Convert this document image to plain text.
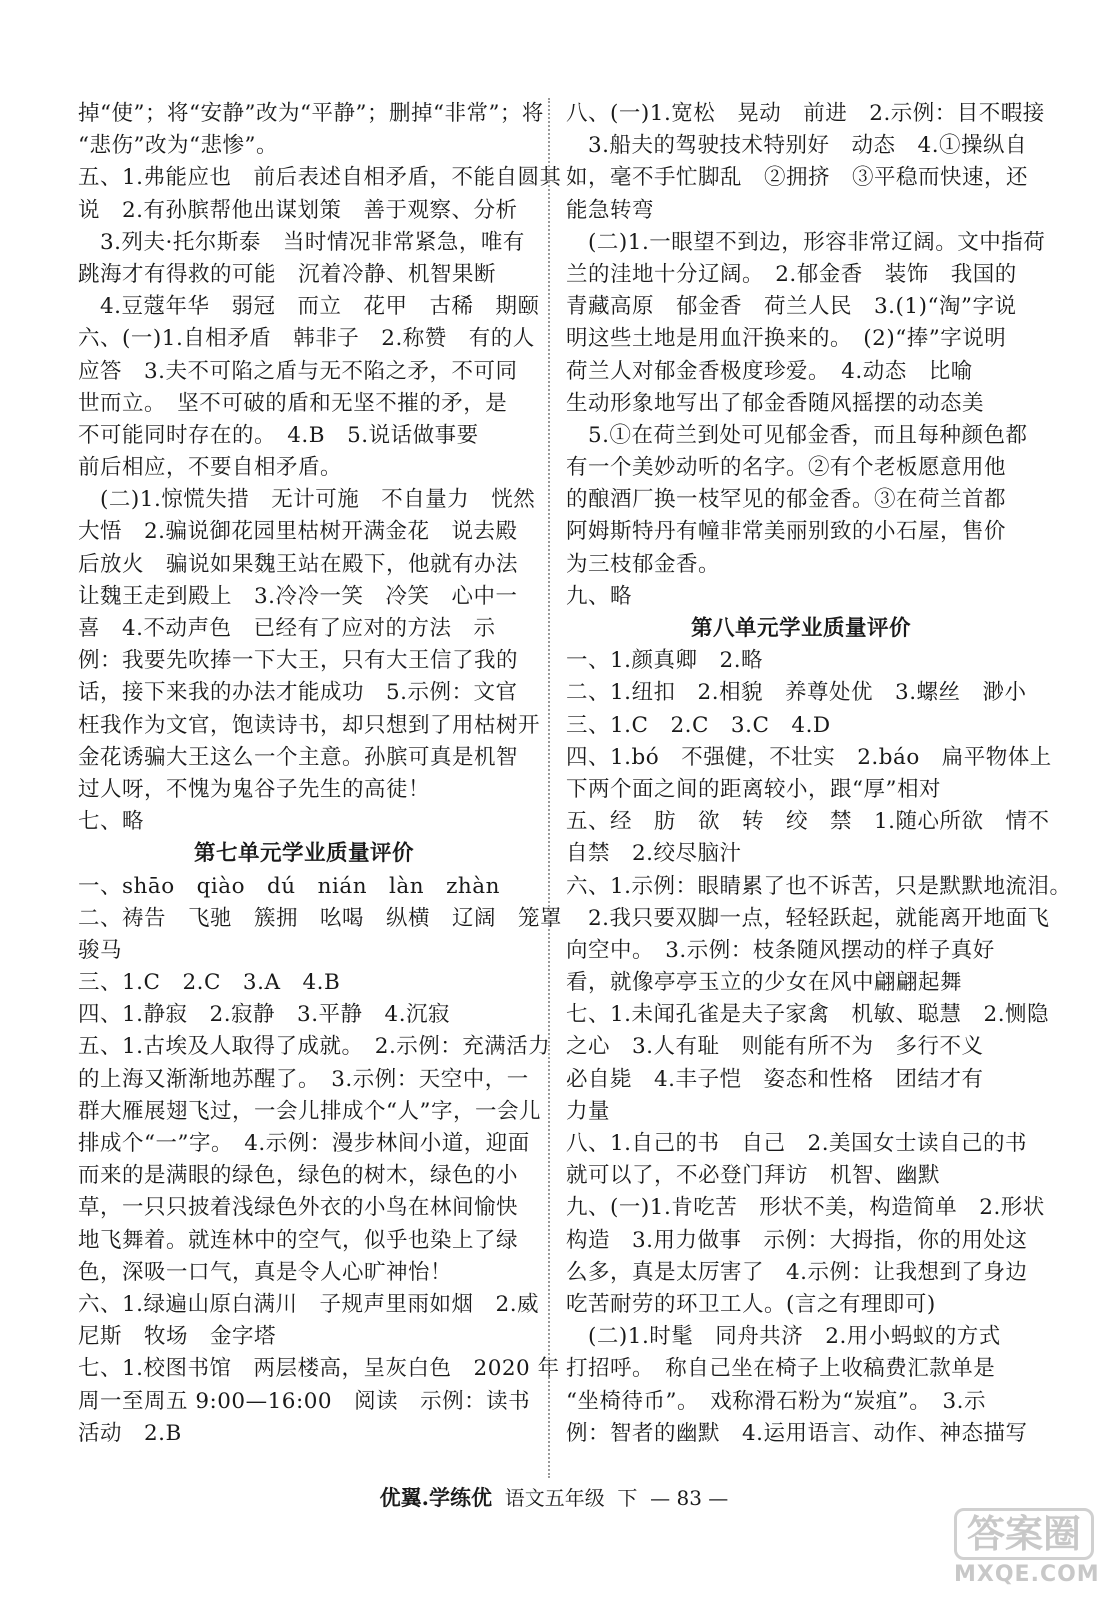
掉“使”；将“安静”改为“平静”；删掉“非常”；将
“悲伤”改为“悲惨”。
五、1.弗能应也　前后表述自相矛盾，不能自圆其
说　2.有孙膑帮他出谋划策　善于观察、分析
　3.列夫·托尔斯泰　当时情况非常紧急，唯有
跳海才有得救的可能　沉着冷静、机智果断
　4.豆蔻年华　弱冠　而立　花甲　古稀　期颐
六、(一)1.自相矛盾　韩非子　2.称赞　有的人
应答　3.夫不可陷之盾与无不陷之矛，不可同
世而立。　坚不可破的盾和无坚不摧的矛，是
不可能同时存在的。　4.B　5.说话做事要
前后相应，不要自相矛盾。
　(二)1.惊慌失措　无计可施　不自量力　恍然
大悟　2.骗说御花园里枯树开满金花　说去殿
后放火　骗说如果魏王站在殿下，他就有办法
让魏王走到殿上　3.冷冷一笑　冷笑　心中一
喜　4.不动声色　已经有了应对的方法　示
例：我要先吹捧一下大王，只有大王信了我的
话，接下来我的办法才能成功　5.示例：文官
枉我作为文官，饱读诗书，却只想到了用枯树开
金花诱骗大王这么一个主意。孙膑可真是机智
过人呀，不愧为鬼谷子先生的高徒！
七、略
第七单元学业质量评价
一、shāo　qiào　dú　nián　làn　zhàn
二、祷告　飞驰　簇拥　吆喝　纵横　辽阔　笼罩
骏马
三、1.C　2.C　3.A　4.B
四、1.静寂　2.寂静　3.平静　4.沉寂
五、1.古埃及人取得了成就。　2.示例：充满活力
的上海又渐渐地苏醒了。　3.示例：天空中，一
群大雁展翅飞过，一会儿排成个“人”字，一会儿
排成个“一”字。　4.示例：漫步林间小道，迎面
而来的是满眼的绿色，绿色的树木，绿色的小
草，一只只披着浅绿色外衣的小鸟在林间愉快
地飞舞着。就连林中的空气，似乎也染上了绿
色，深吸一口气，真是令人心旷神怡！
六、1.绿遍山原白满川　子规声里雨如烟　2.威
尼斯　牧场　金字塔
七、1.校图书馆　两层楼高，呈灰白色　2020 年
周一至周五 9:00—16:00　阅读　示例：读书
活动　2.B
八、(一)1.宽松　晃动　前进　2.示例：目不暇接
　3.船夫的驾驶技术特别好　动态　4.①操纵自
如，毫不手忙脚乱　②拥挤　③平稳而快速，还
能急转弯
　(二)1.一眼望不到边，形容非常辽阔。文中指荷
兰的洼地十分辽阔。　2.郁金香　装饰　我国的
青藏高原　郁金香　荷兰人民　3.(1)“淘”字说
明这些土地是用血汗换来的。　(2)“捧”字说明
荷兰人对郁金香极度珍爱。　4.动态　比喻
生动形象地写出了郁金香随风摇摆的动态美
　5.①在荷兰到处可见郁金香，而且每种颜色都
有一个美妙动听的名字。②有个老板愿意用他
的酿酒厂换一枝罕见的郁金香。③在荷兰首都
阿姆斯特丹有幢非常美丽别致的小石屋，售价
为三枝郁金香。
九、略
第八单元学业质量评价
一、1.颜真卿　2.略
二、1.纽扣　2.相貌　养尊处优　3.螺丝　渺小
三、1.C　2.C　3.C　4.D
四、1.bó　不强健，不壮实　2.báo　扁平物体上
下两个面之间的距离较小，跟“厚”相对
五、经　肪　欲　转　绞　禁　1.随心所欲　情不
自禁　2.绞尽脑汁
六、1.示例：眼睛累了也不诉苦，只是默默地流泪。
　2.我只要双脚一点，轻轻跃起，就能离开地面飞
向空中。　3.示例：枝条随风摆动的样子真好
看，就像亭亭玉立的少女在风中翩翩起舞
七、1.未闻孔雀是夫子家禽　机敏、聪慧　2.恻隐
之心　3.人有耻　则能有所不为　多行不义
必自毙　4.丰子恺　姿态和性格　团结才有
力量
八、1.自己的书　自己　2.美国女士读自己的书
就可以了，不必登门拜访　机智、幽默
九、(一)1.肯吃苦　形状不美，构造简单　2.形状
构造　3.用力做事　示例：大拇指，你的用处这
么多，真是太厉害了　4.示例：让我想到了身边
吃苦耐劳的环卫工人。(言之有理即可)
　(二)1.时髦　同舟共济　2.用小蚂蚁的方式
打招呼。　称自己坐在椅子上收稿费汇款单是
“坐椅待币”。　戏称滑石粉为“炭疽”。　3.示
例：智者的幽默　4.运用语言、动作、神态描写
优翼.学练优 语文五年级 下 — 83 —
答案圈
MXQE.COM
